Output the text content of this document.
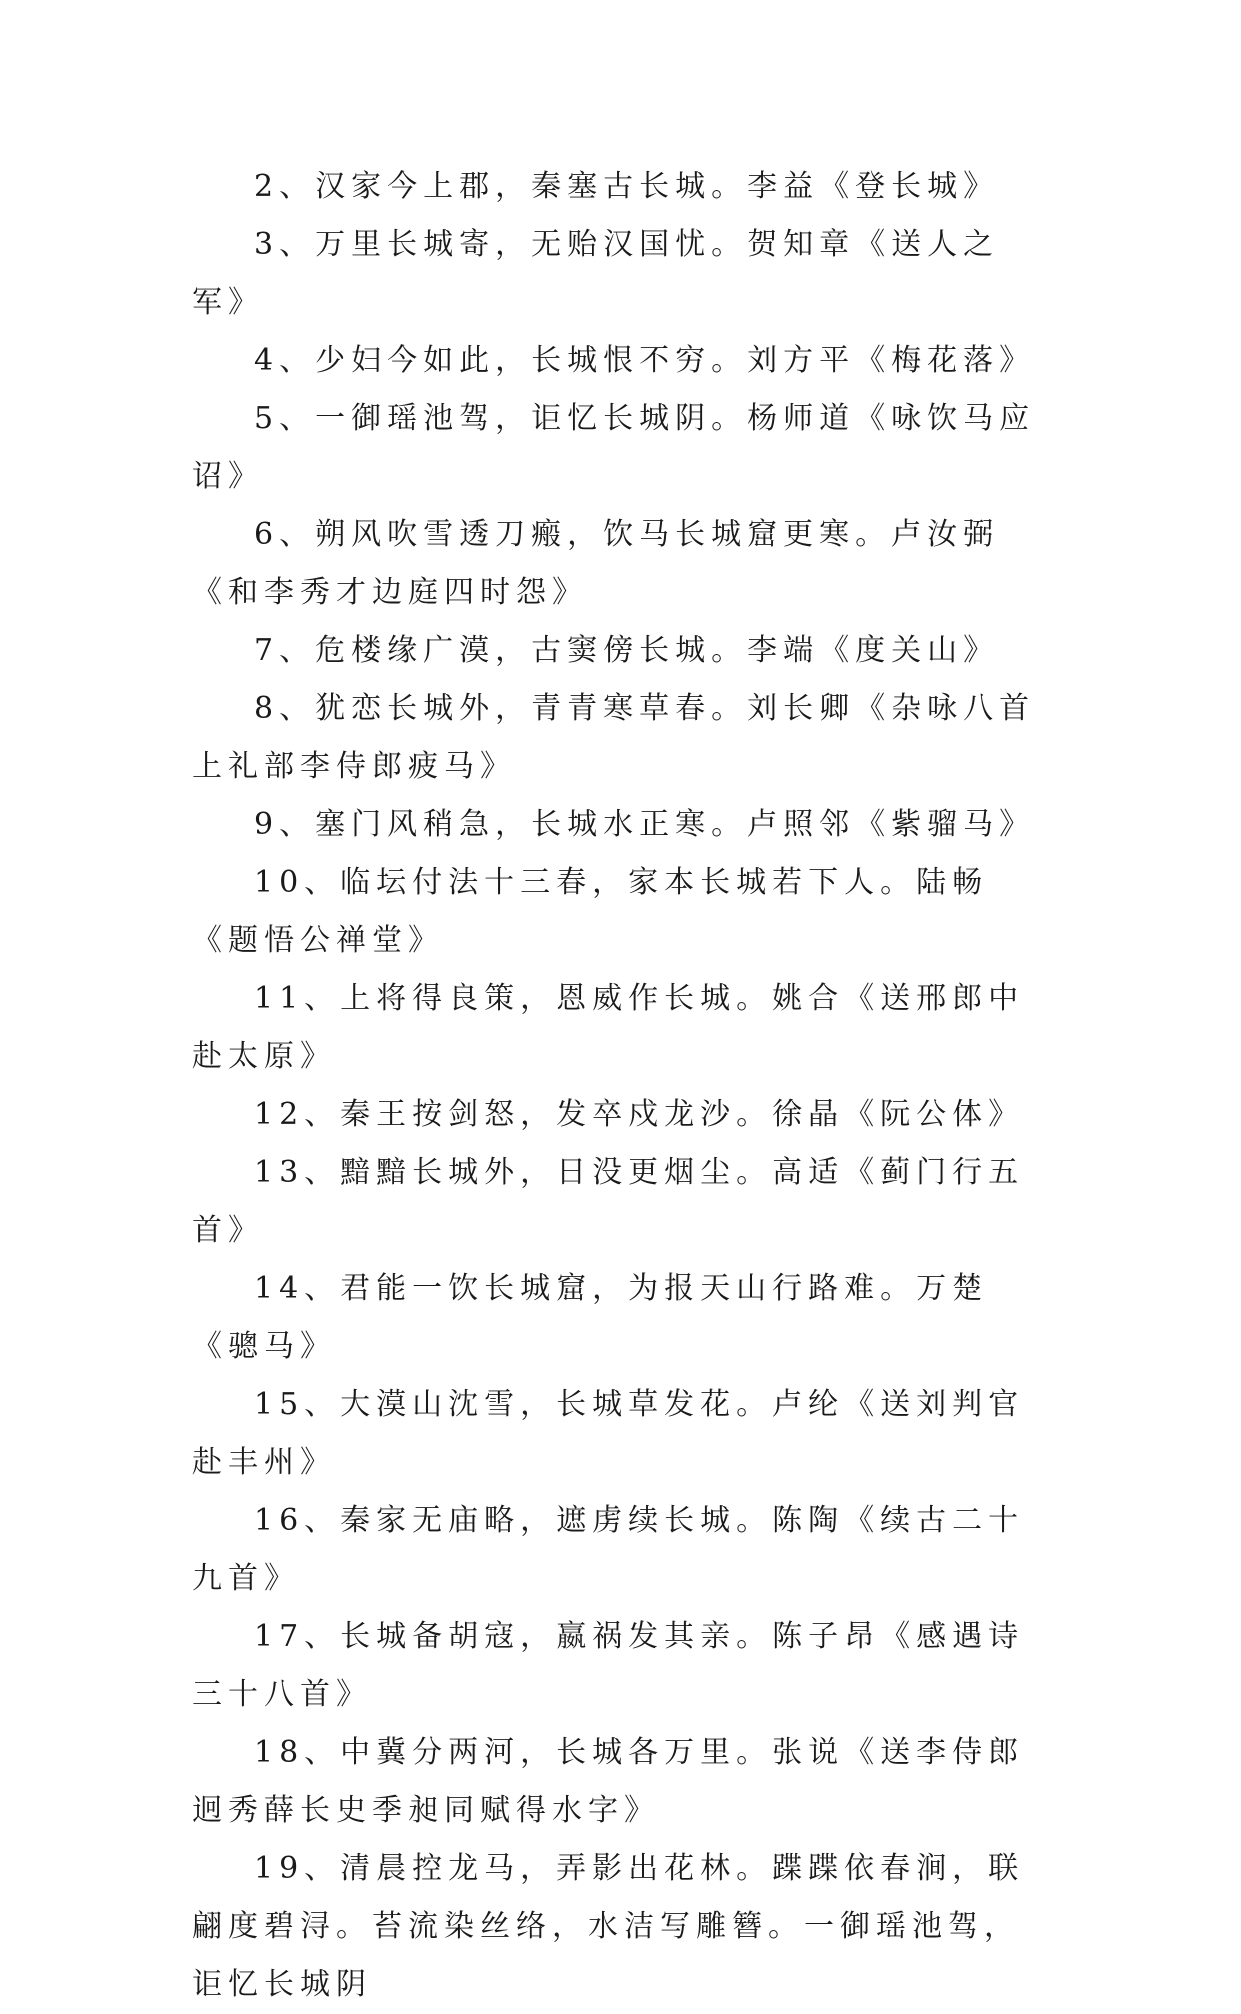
2、汉家今上郡，秦塞古长城。李益《登长城》

3、万里长城寄，无贻汉国忧。贺知章《送人之军》

4、少妇今如此，长城恨不穷。刘方平《梅花落》

5、一御瑶池驾，讵忆长城阴。杨师道《咏饮马应诏》

6、朔风吹雪透刀瘢，饮马长城窟更寒。卢汝弼《和李秀才边庭四时怨》

7、危楼缘广漠，古窦傍长城。李端《度关山》

8、犹恋长城外，青青寒草春。刘长卿《杂咏八首上礼部李侍郎疲马》

9、塞门风稍急，长城水正寒。卢照邻《紫骝马》

10、临坛付法十三春，家本长城若下人。陆畅《题悟公禅堂》

11、上将得良策，恩威作长城。姚合《送邢郎中赴太原》

12、秦王按剑怒，发卒戍龙沙。徐晶《阮公体》

13、黯黯长城外，日没更烟尘。高适《蓟门行五首》

14、君能一饮长城窟，为报天山行路难。万楚《骢马》

15、大漠山沈雪，长城草发花。卢纶《送刘判官赴丰州》

16、秦家无庙略，遮虏续长城。陈陶《续古二十九首》

17、长城备胡寇，嬴祸发其亲。陈子昂《感遇诗三十八首》

18、中冀分两河，长城各万里。张说《送李侍郎迥秀薛长史季昶同赋得水字》

19、清晨控龙马，弄影出花林。蹀蹀依春涧，联翩度碧浔。苔流染丝络，水洁写雕簪。一御瑶池驾，讵忆长城阴
